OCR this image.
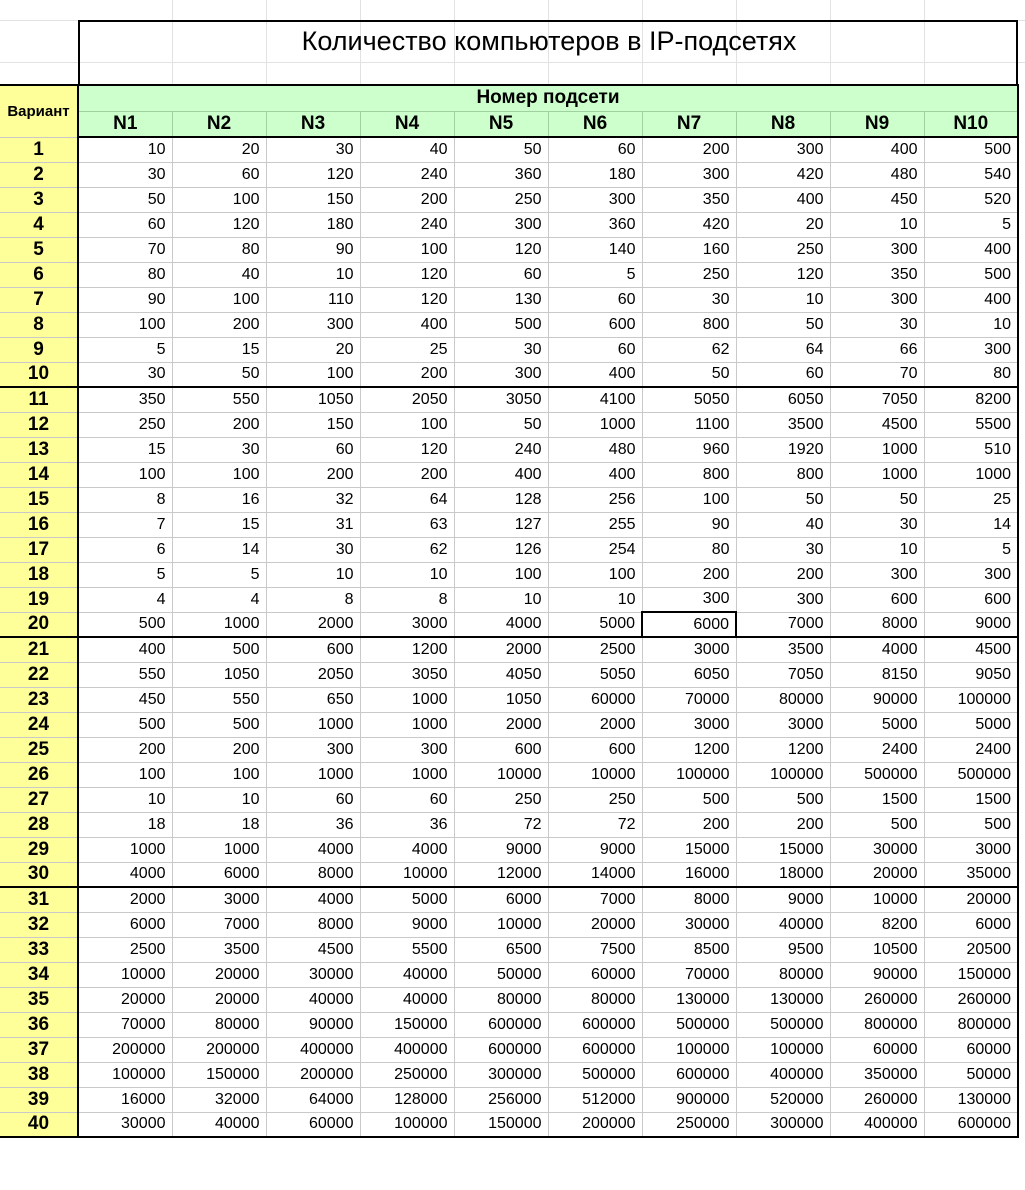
Количество компьютеров в IP-подсетях
Вариант	Номер подсети									
	N1	N2	N3	N4	N5	N6	N7	N8	N9	N10
1	10	20	30	40	50	60	200	300	400	500
2	30	60	120	240	360	180	300	420	480	540
3	50	100	150	200	250	300	350	400	450	520
4	60	120	180	240	300	360	420	20	10	5
5	70	80	90	100	120	140	160	250	300	400
6	80	40	10	120	60	5	250	120	350	500
7	90	100	110	120	130	60	30	10	300	400
8	100	200	300	400	500	600	800	50	30	10
9	5	15	20	25	30	60	62	64	66	300
10	30	50	100	200	300	400	50	60	70	80
11	350	550	1050	2050	3050	4100	5050	6050	7050	8200
12	250	200	150	100	50	1000	1100	3500	4500	5500
13	15	30	60	120	240	480	960	1920	1000	510
14	100	100	200	200	400	400	800	800	1000	1000
15	8	16	32	64	128	256	100	50	50	25
16	7	15	31	63	127	255	90	40	30	14
17	6	14	30	62	126	254	80	30	10	5
18	5	5	10	10	100	100	200	200	300	300
19	4	4	8	8	10	10	300	300	600	600
20	500	1000	2000	3000	4000	5000	6000	7000	8000	9000
21	400	500	600	1200	2000	2500	3000	3500	4000	4500
22	550	1050	2050	3050	4050	5050	6050	7050	8150	9050
23	450	550	650	1000	1050	60000	70000	80000	90000	100000
24	500	500	1000	1000	2000	2000	3000	3000	5000	5000
25	200	200	300	300	600	600	1200	1200	2400	2400
26	100	100	1000	1000	10000	10000	100000	100000	500000	500000
27	10	10	60	60	250	250	500	500	1500	1500
28	18	18	36	36	72	72	200	200	500	500
29	1000	1000	4000	4000	9000	9000	15000	15000	30000	3000
30	4000	6000	8000	10000	12000	14000	16000	18000	20000	35000
31	2000	3000	4000	5000	6000	7000	8000	9000	10000	20000
32	6000	7000	8000	9000	10000	20000	30000	40000	8200	6000
33	2500	3500	4500	5500	6500	7500	8500	9500	10500	20500
34	10000	20000	30000	40000	50000	60000	70000	80000	90000	150000
35	20000	20000	40000	40000	80000	80000	130000	130000	260000	260000
36	70000	80000	90000	150000	600000	600000	500000	500000	800000	800000
37	200000	200000	400000	400000	600000	600000	100000	100000	60000	60000
38	100000	150000	200000	250000	300000	500000	600000	400000	350000	50000
39	16000	32000	64000	128000	256000	512000	900000	520000	260000	130000
40	30000	40000	60000	100000	150000	200000	250000	300000	400000	600000
